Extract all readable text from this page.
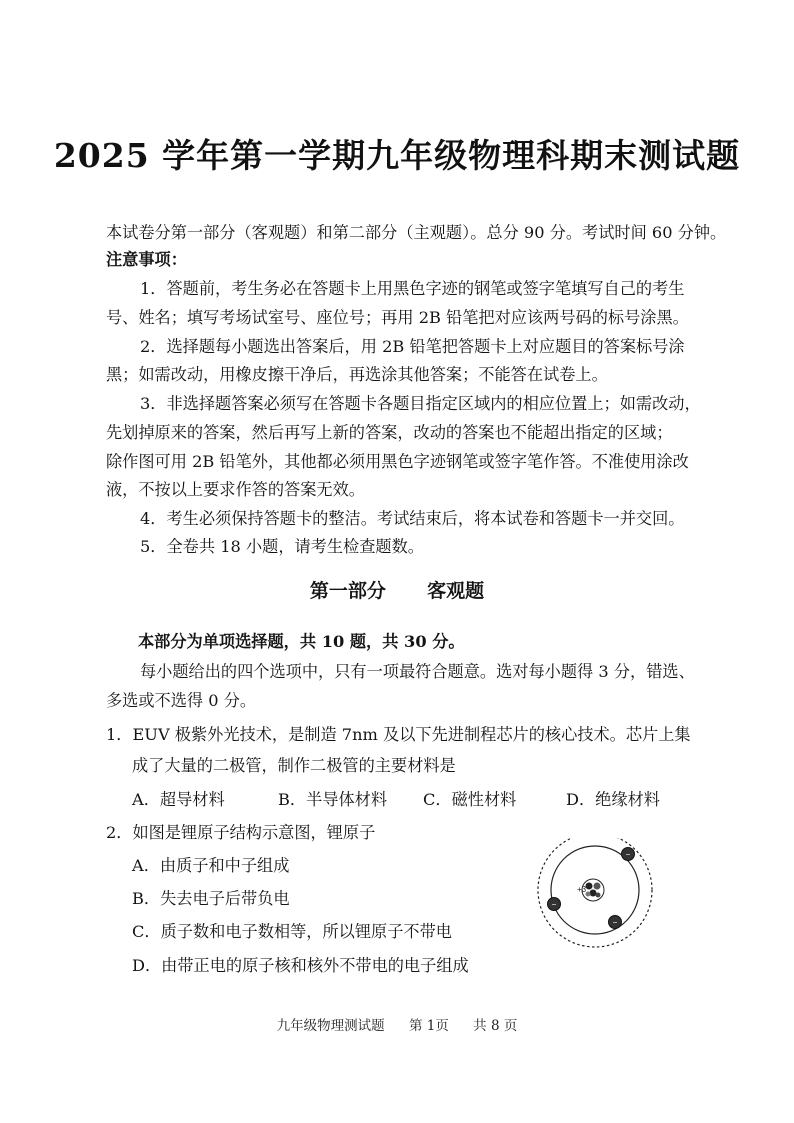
2025 学年第一学期九年级物理科期末测试题
本试卷分第一部分（客观题）和第二部分（主观题）。总分 90 分。考试时间 60 分钟。
注意事项：
1．答题前，考生务必在答题卡上用黑色字迹的钢笔或签字笔填写自己的考生
号、姓名；填写考场试室号、座位号；再用 2B 铅笔把对应该两号码的标号涂黑。
2．选择题每小题选出答案后，用 2B 铅笔把答题卡上对应题目的答案标号涂
黑；如需改动，用橡皮擦干净后，再选涂其他答案；不能答在试卷上。
3．非选择题答案必须写在答题卡各题目指定区域内的相应位置上；如需改动，
先划掉原来的答案，然后再写上新的答案，改动的答案也不能超出指定的区域；
除作图可用 2B 铅笔外，其他都必须用黑色字迹钢笔或签字笔作答。不准使用涂改
液，不按以上要求作答的答案无效。
4．考生必须保持答题卡的整洁。考试结束后，将本试卷和答题卡一并交回。
5．全卷共 18 小题，请考生检查题数。
第一部分 客观题
本部分为单项选择题，共 10 题，共 30 分。
每小题给出的四个选项中，只有一项最符合题意。选对每小题得 3 分，错选、
多选或不选得 0 分。
1．EUV 极紫外光技术，是制造 7nm 及以下先进制程芯片的核心技术。芯片上集
成了大量的二极管，制作二极管的主要材料是
A．超导材料	B．半导体材料 C．磁性材料	D．绝缘材料
2．如图是锂原子结构示意图，锂原子
A．由质子和中子组成
B．失去电子后带负电
C．质子数和电子数相等，所以锂原子不带电
D．由带正电的原子核和核外不带电的电子组成
+3
−
−
−
九年级物理测试题 第 1页 共 8 页
